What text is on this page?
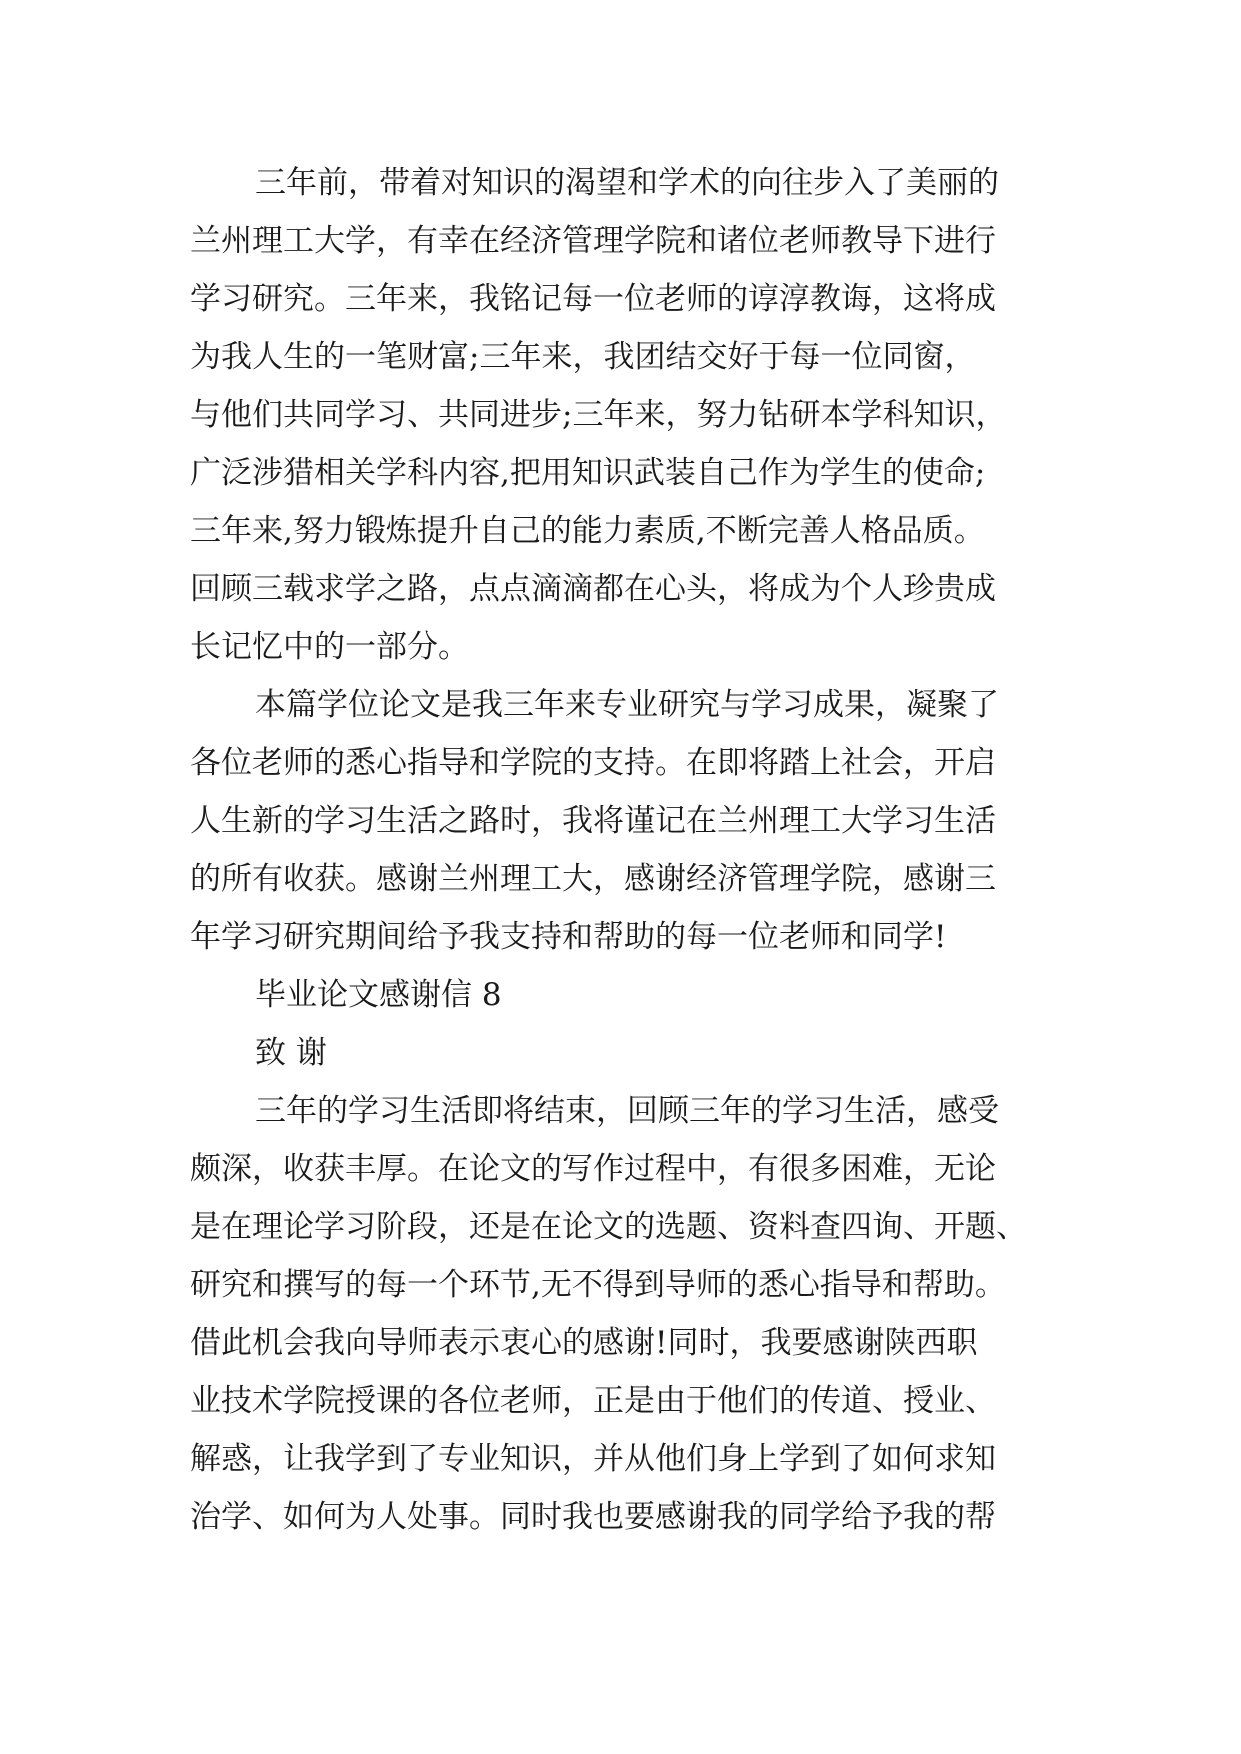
三年前，带着对知识的渴望和学术的向往步入了美丽的
兰州理工大学，有幸在经济管理学院和诸位老师教导下进行
学习研究。三年来，我铭记每一位老师的谆淳教诲，这将成
为我人生的一笔财富;三年来，我团结交好于每一位同窗，
与他们共同学习、共同进步;三年来，努力钻研本学科知识，
广泛涉猎相关学科内容,把用知识武装自己作为学生的使命;
三年来,努力锻炼提升自己的能力素质,不断完善人格品质。
回顾三载求学之路，点点滴滴都在心头，将成为个人珍贵成
长记忆中的一部分。
本篇学位论文是我三年来专业研究与学习成果，凝聚了
各位老师的悉心指导和学院的支持。在即将踏上社会，开启
人生新的学习生活之路时，我将谨记在兰州理工大学习生活
的所有收获。感谢兰州理工大，感谢经济管理学院，感谢三
年学习研究期间给予我支持和帮助的每一位老师和同学!
毕业论文感谢信 8
致 谢
三年的学习生活即将结束，回顾三年的学习生活，感受
颇深，收获丰厚。在论文的写作过程中，有很多困难，无论
是在理论学习阶段，还是在论文的选题、资料查四询、开题、
研究和撰写的每一个环节,无不得到导师的悉心指导和帮助。
借此机会我向导师表示衷心的感谢!同时，我要感谢陕西职
业技术学院授课的各位老师，正是由于他们的传道、授业、
解惑，让我学到了专业知识，并从他们身上学到了如何求知
治学、如何为人处事。同时我也要感谢我的同学给予我的帮
